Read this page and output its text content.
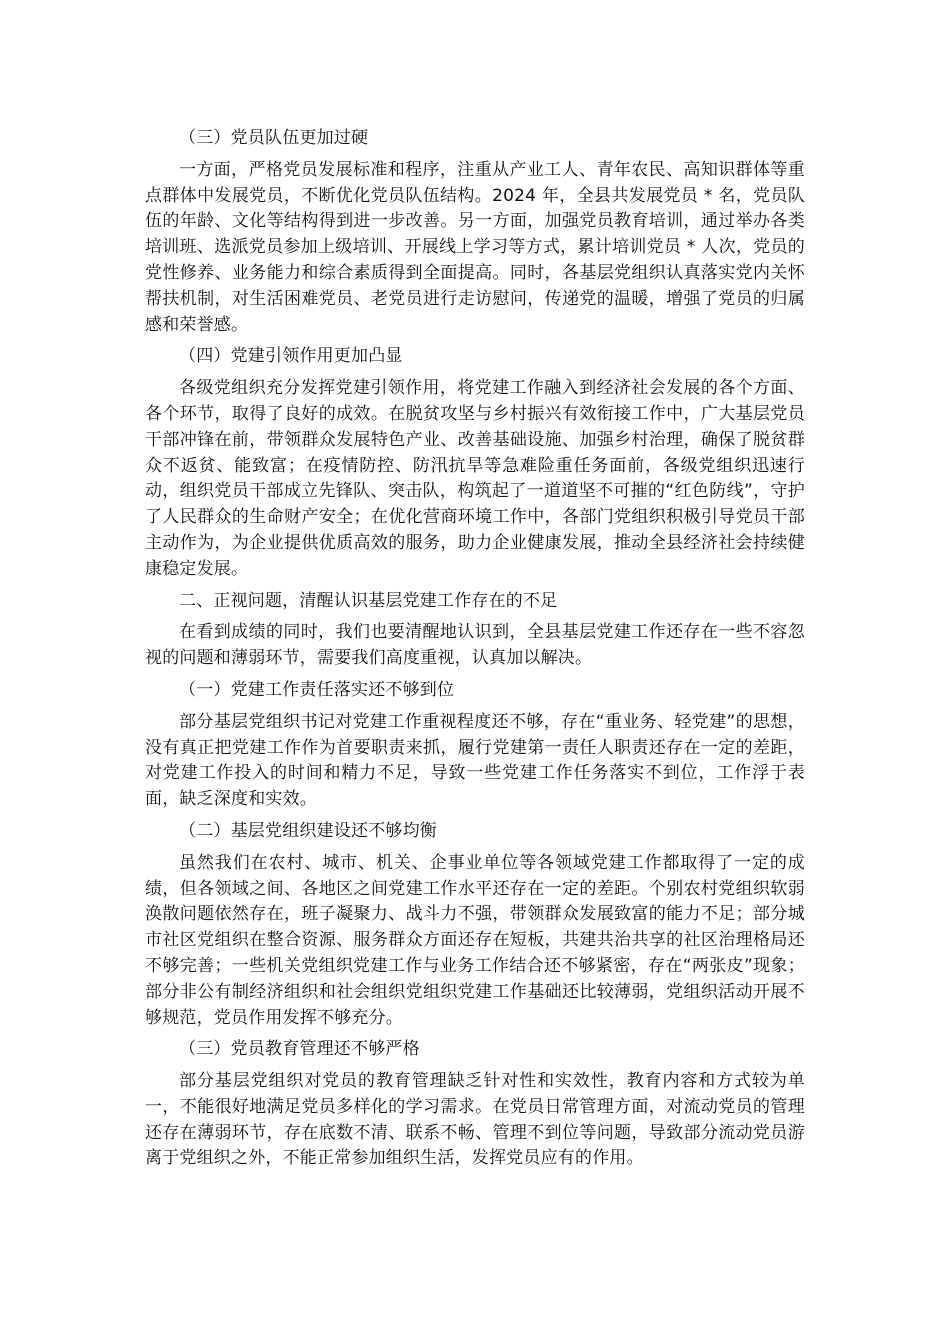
（三）党员队伍更加过硬

一方面，严格党员发展标准和程序，注重从产业工人、青年农民、高知识群体等重点群体中发展党员，不断优化党员队伍结构。2024 年，全县共发展党员 * 名，党员队伍的年龄、文化等结构得到进一步改善。另一方面，加强党员教育培训，通过举办各类培训班、选派党员参加上级培训、开展线上学习等方式，累计培训党员 * 人次，党员的党性修养、业务能力和综合素质得到全面提高。同时，各基层党组织认真落实党内关怀帮扶机制，对生活困难党员、老党员进行走访慰问，传递党的温暖，增强了党员的归属感和荣誉感。

（四）党建引领作用更加凸显

各级党组织充分发挥党建引领作用，将党建工作融入到经济社会发展的各个方面、各个环节，取得了良好的成效。在脱贫攻坚与乡村振兴有效衔接工作中，广大基层党员干部冲锋在前，带领群众发展特色产业、改善基础设施、加强乡村治理，确保了脱贫群众不返贫、能致富；在疫情防控、防汛抗旱等急难险重任务面前，各级党组织迅速行动，组织党员干部成立先锋队、突击队，构筑起了一道道坚不可摧的“红色防线”，守护了人民群众的生命财产安全；在优化营商环境工作中，各部门党组织积极引导党员干部主动作为，为企业提供优质高效的服务，助力企业健康发展，推动全县经济社会持续健康稳定发展。

二、正视问题，清醒认识基层党建工作存在的不足

在看到成绩的同时，我们也要清醒地认识到，全县基层党建工作还存在一些不容忽视的问题和薄弱环节，需要我们高度重视，认真加以解决。

（一）党建工作责任落实还不够到位

部分基层党组织书记对党建工作重视程度还不够，存在“重业务、轻党建”的思想，没有真正把党建工作作为首要职责来抓，履行党建第一责任人职责还存在一定的差距，对党建工作投入的时间和精力不足，导致一些党建工作任务落实不到位，工作浮于表面，缺乏深度和实效。

（二）基层党组织建设还不够均衡

虽然我们在农村、城市、机关、企事业单位等各领域党建工作都取得了一定的成绩，但各领域之间、各地区之间党建工作水平还存在一定的差距。个别农村党组织软弱涣散问题依然存在，班子凝聚力、战斗力不强，带领群众发展致富的能力不足；部分城市社区党组织在整合资源、服务群众方面还存在短板，共建共治共享的社区治理格局还不够完善；一些机关党组织党建工作与业务工作结合还不够紧密，存在“两张皮”现象；部分非公有制经济组织和社会组织党组织党建工作基础还比较薄弱，党组织活动开展不够规范，党员作用发挥不够充分。

（三）党员教育管理还不够严格

部分基层党组织对党员的教育管理缺乏针对性和实效性，教育内容和方式较为单一，不能很好地满足党员多样化的学习需求。在党员日常管理方面，对流动党员的管理还存在薄弱环节，存在底数不清、联系不畅、管理不到位等问题，导致部分流动党员游离于党组织之外，不能正常参加组织生活，发挥党员应有的作用。
